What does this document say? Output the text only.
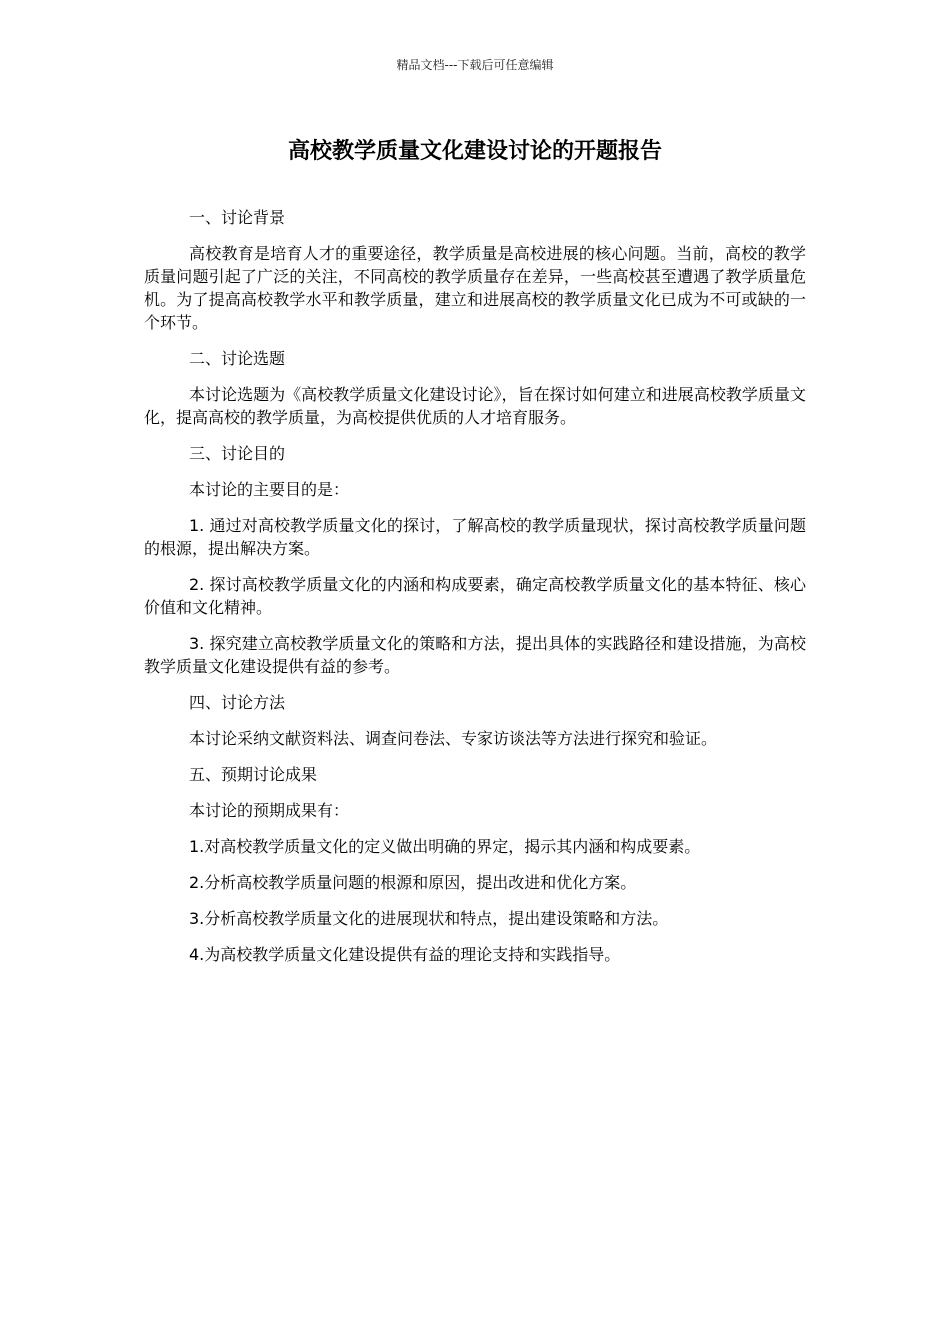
精品文档---下载后可任意编辑
高校教学质量文化建设讨论的开题报告

一、讨论背景

高校教育是培育人才的重要途径，教学质量是高校进展的核心问题。当前，高校的教学质量问题引起了广泛的关注，不同高校的教学质量存在差异，一些高校甚至遭遇了教学质量危机。为了提高高校教学水平和教学质量，建立和进展高校的教学质量文化已成为不可或缺的一个环节。

二、讨论选题

本讨论选题为《高校教学质量文化建设讨论》，旨在探讨如何建立和进展高校教学质量文化，提高高校的教学质量，为高校提供优质的人才培育服务。

三、讨论目的

本讨论的主要目的是：

1. 通过对高校教学质量文化的探讨，了解高校的教学质量现状，探讨高校教学质量问题的根源，提出解决方案。

2. 探讨高校教学质量文化的内涵和构成要素，确定高校教学质量文化的基本特征、核心价值和文化精神。

3. 探究建立高校教学质量文化的策略和方法，提出具体的实践路径和建设措施，为高校教学质量文化建设提供有益的参考。

四、讨论方法

本讨论采纳文献资料法、调查问卷法、专家访谈法等方法进行探究和验证。

五、预期讨论成果

本讨论的预期成果有：

1.对高校教学质量文化的定义做出明确的界定，揭示其内涵和构成要素。

2.分析高校教学质量问题的根源和原因，提出改进和优化方案。

3.分析高校教学质量文化的进展现状和特点，提出建设策略和方法。

4.为高校教学质量文化建设提供有益的理论支持和实践指导。
